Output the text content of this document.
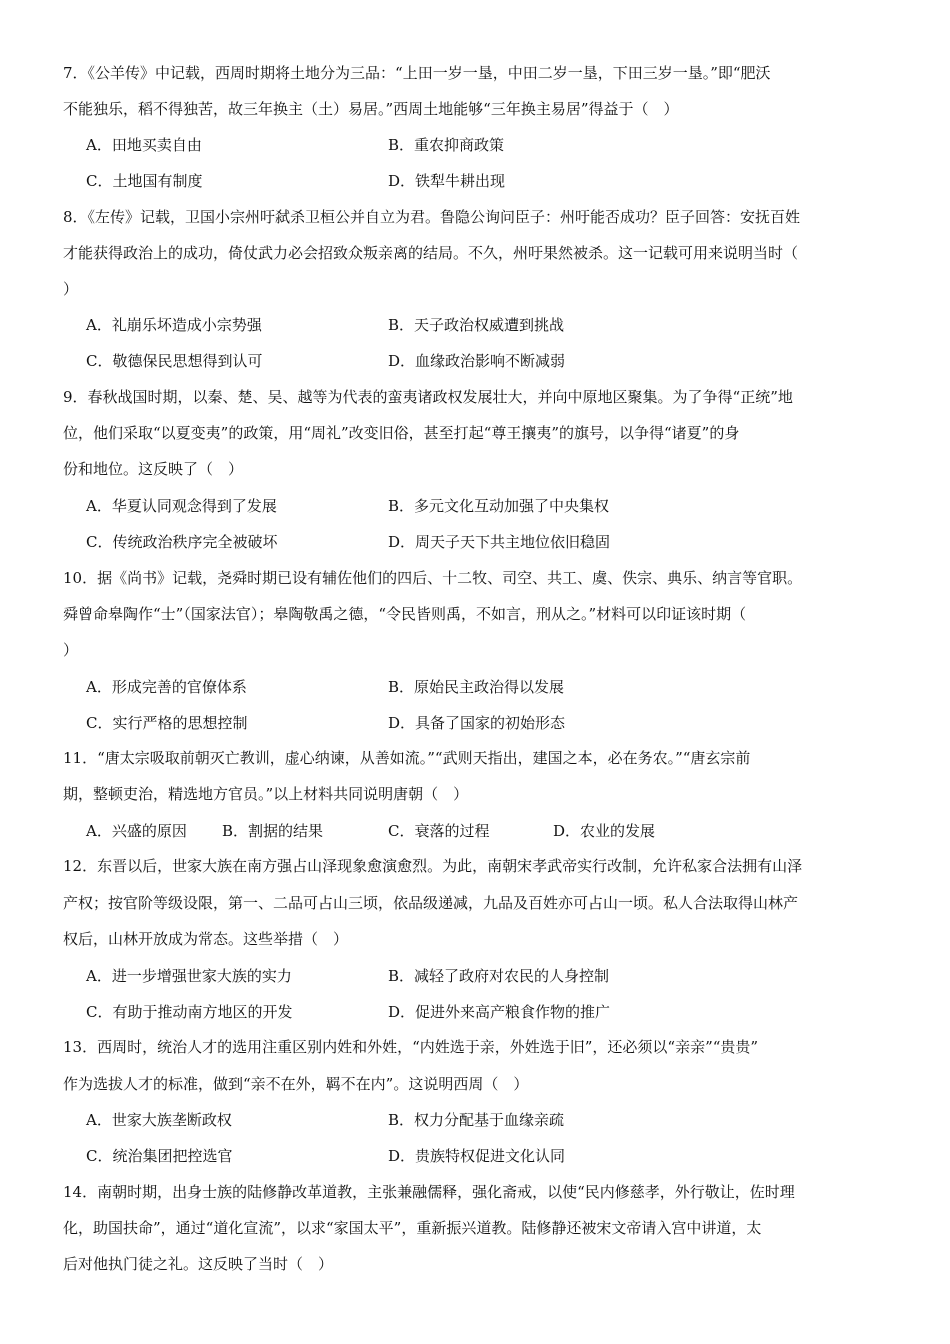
7．《公羊传》中记载，西周时期将土地分为三品：“上田一岁一垦，中田二岁一垦，下田三岁一垦。”即“肥沃
不能独乐，稻不得独苦，故三年换主（土）易居。”西周土地能够“三年换主易居”得益于（　）
A．田地买卖自由	B．重农抑商政策
C．土地国有制度	D．铁犁牛耕出现
8．《左传》记载，卫国小宗州吁弑杀卫桓公并自立为君。鲁隐公询问臣子：州吁能否成功？臣子回答：安抚百姓
才能获得政治上的成功，倚仗武力必会招致众叛亲离的结局。不久，州吁果然被杀。这一记载可用来说明当时（
）
A．礼崩乐坏造成小宗势强	B．天子政治权威遭到挑战
C．敬德保民思想得到认可	D．血缘政治影响不断减弱
9．春秋战国时期，以秦、楚、吴、越等为代表的蛮夷诸政权发展壮大，并向中原地区聚集。为了争得“正统”地
位，他们采取“以夏变夷”的政策，用“周礼”改变旧俗，甚至打起“尊王攘夷”的旗号，以争得“诸夏”的身
份和地位。这反映了（　）
A．华夏认同观念得到了发展	B．多元文化互动加强了中央集权
C．传统政治秩序完全被破坏	D．周天子天下共主地位依旧稳固
10．据《尚书》记载，尧舜时期已设有辅佐他们的四后、十二牧、司空、共工、虞、佚宗、典乐、纳言等官职。
舜曾命皋陶作“士”（国家法官）；皋陶敬禹之德，“令民皆则禹，不如言，刑从之。”材料可以印证该时期（
）
A．形成完善的官僚体系	B．原始民主政治得以发展
C．实行严格的思想控制	D．具备了国家的初始形态
11．“唐太宗吸取前朝灭亡教训，虚心纳谏，从善如流。”“武则天指出，建国之本，必在务农。”“唐玄宗前
期，整顿吏治，精选地方官员。”以上材料共同说明唐朝（　）
A．兴盛的原因 B．割据的结果	C．衰落的过程	D．农业的发展
12．东晋以后，世家大族在南方强占山泽现象愈演愈烈。为此，南朝宋孝武帝实行改制，允许私家合法拥有山泽
产权；按官阶等级设限，第一、二品可占山三顷，依品级递减，九品及百姓亦可占山一顷。私人合法取得山林产
权后，山林开放成为常态。这些举措（　）
A．进一步增强世家大族的实力	B．减轻了政府对农民的人身控制
C．有助于推动南方地区的开发	D．促进外来高产粮食作物的推广
13．西周时，统治人才的选用注重区别内姓和外姓，“内姓选于亲，外姓选于旧”，还必须以“亲亲”“贵贵”
作为选拔人才的标准，做到“亲不在外，羁不在内”。这说明西周（　）
A．世家大族垄断政权	B．权力分配基于血缘亲疏
C．统治集团把控选官	D．贵族特权促进文化认同
14．南朝时期，出身士族的陆修静改革道教，主张兼融儒释，强化斋戒，以使“民内修慈孝，外行敬让，佐时理
化，助国扶命”，通过“道化宣流”，以求“家国太平”，重新振兴道教。陆修静还被宋文帝请入宫中讲道，太
后对他执门徒之礼。这反映了当时（　）
